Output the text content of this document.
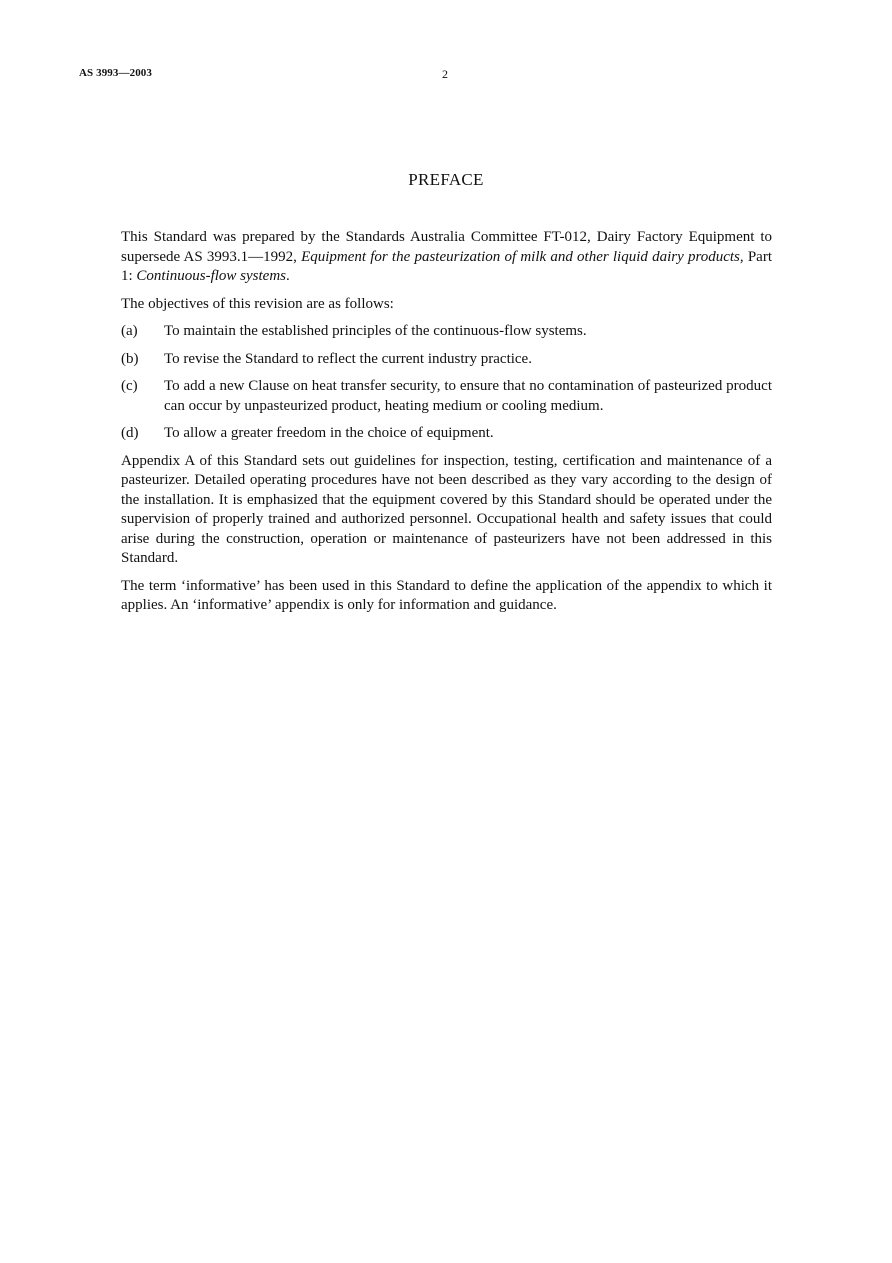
AS 3993—2003	2
PREFACE

This Standard was prepared by the Standards Australia Committee FT-012, Dairy Factory Equipment to supersede AS 3993.1—1992, Equipment for the pasteurization of milk and other liquid dairy products, Part 1: Continuous-flow systems.

The objectives of this revision are as follows:

(a)	To maintain the established principles of the continuous-flow systems.
(b)	To revise the Standard to reflect the current industry practice.
(c)	To add a new Clause on heat transfer security, to ensure that no contamination of pasteurized product can occur by unpasteurized product, heating medium or cooling medium.
(d)	To allow a greater freedom in the choice of equipment.

Appendix A of this Standard sets out guidelines for inspection, testing, certification and maintenance of a pasteurizer. Detailed operating procedures have not been described as they vary according to the design of the installation. It is emphasized that the equipment covered by this Standard should be operated under the supervision of properly trained and authorized personnel. Occupational health and safety issues that could arise during the construction, operation or maintenance of pasteurizers have not been addressed in this Standard.

The term ‘informative’ has been used in this Standard to define the application of the appendix to which it applies. An ‘informative’ appendix is only for information and guidance.
